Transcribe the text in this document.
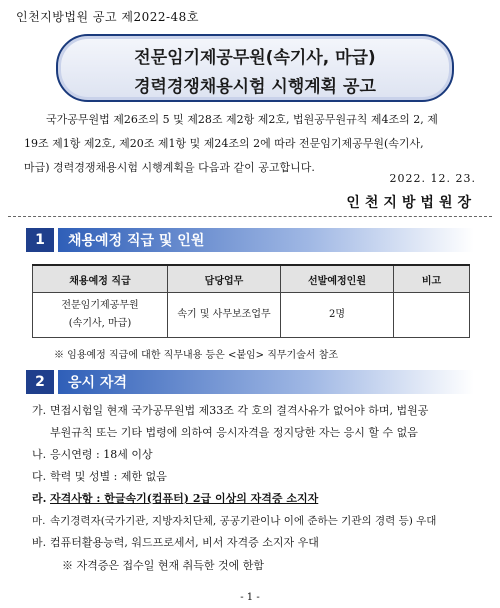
인천지방법원 공고 제2022-48호
전문임기제공무원(속기사, 마급)
경력경쟁채용시험 시행계획 공고
국가공무원법 제26조의 5 및 제28조 제2항 제2호, 법원공무원규칙 제4조의 2, 제
19조 제1항 제2호, 제20조 제1항 및 제24조의 2에 따라 전문임기제공무원(속기사,
마급) 경력경쟁채용시험 시행계획을 다음과 같이 공고합니다.
2022. 12. 23.
인천지방법원장
1	채용예정 직급 및 인원
채용예정 직급	담당업무	선발예정인원	비고

전문임기제공무원
(속기사, 마급)	속기 및 사무보조업무	2명	
※ 임용예정 직급에 대한 직무내용 등은 <붙임> 직무기술서 참조
2	응시 자격
가. 면접시험일 현재 국가공무원법 제33조 각 호의 결격사유가 없어야 하며, 법원공
부원규칙 또는 기타 법령에 의하여 응시자격을 정지당한 자는 응시 할 수 없음
나. 응시연령 : 18세 이상
다. 학력 및 성별 : 제한 없음
라. 자격사항 : 한글속기(컴퓨터) 2급 이상의 자격증 소지자
마. 속기경력자(국가기관, 지방자치단체, 공공기관이나 이에 준하는 기관의 경력 등) 우대
바. 컴퓨터활용능력, 워드프로세서, 비서 자격증 소지자 우대
※ 자격증은 접수일 현재 취득한 것에 한함
- 1 -
